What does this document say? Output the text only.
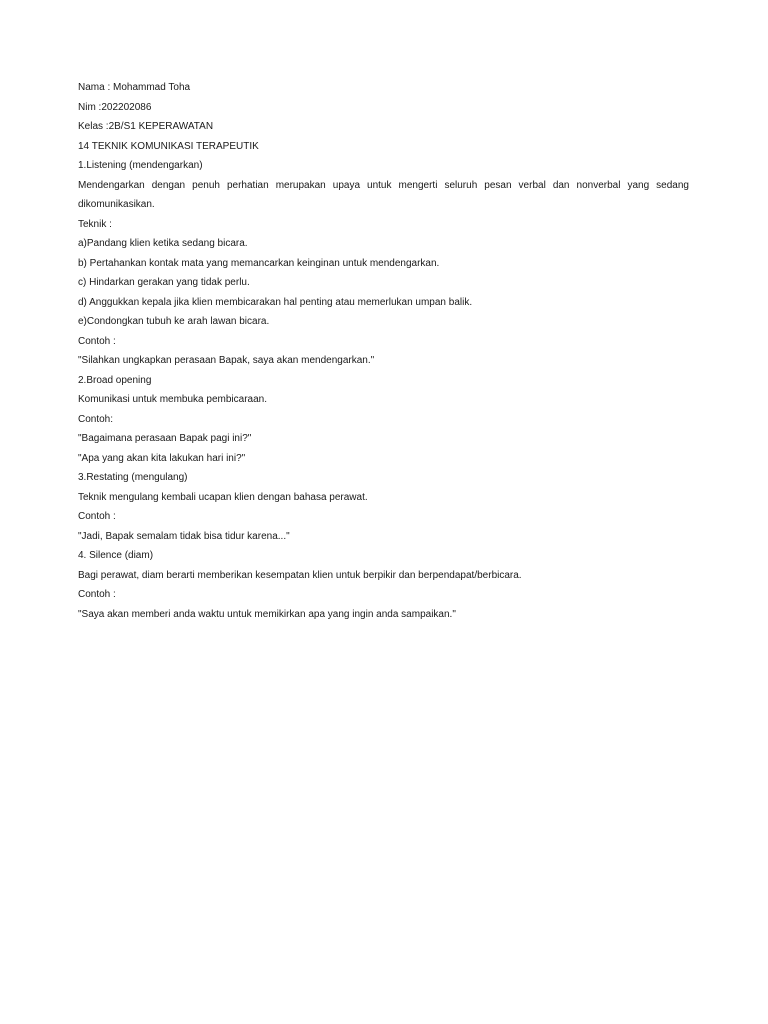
Nama : Mohammad Toha
Nim :202202086
Kelas :2B/S1 KEPERAWATAN
14 TEKNIK KOMUNIKASI TERAPEUTIK
1.Listening (mendengarkan)
Mendengarkan dengan penuh perhatian merupakan upaya untuk mengerti seluruh pesan verbal dan nonverbal yang sedang dikomunikasikan.
Teknik :
a)Pandang klien ketika sedang bicara.
b) Pertahankan kontak mata yang memancarkan keinginan untuk mendengarkan.
c) Hindarkan gerakan yang tidak perlu.
d) Anggukkan kepala jika klien membicarakan hal penting atau memerlukan umpan balik.
e)Condongkan tubuh ke arah lawan bicara.
Contoh :
"Silahkan ungkapkan perasaan Bapak, saya akan mendengarkan."
2.Broad opening
Komunikasi untuk membuka pembicaraan.
Contoh:
"Bagaimana perasaan Bapak pagi ini?"
"Apa yang akan kita lakukan hari ini?"
3.Restating (mengulang)
Teknik mengulang kembali ucapan klien dengan bahasa perawat.
Contoh :
"Jadi, Bapak semalam tidak bisa tidur karena..."
4. Silence (diam)
Bagi perawat, diam berarti memberikan kesempatan klien untuk berpikir dan berpendapat/berbicara.
Contoh :
"Saya akan memberi anda waktu untuk memikirkan apa yang ingin anda sampaikan."
